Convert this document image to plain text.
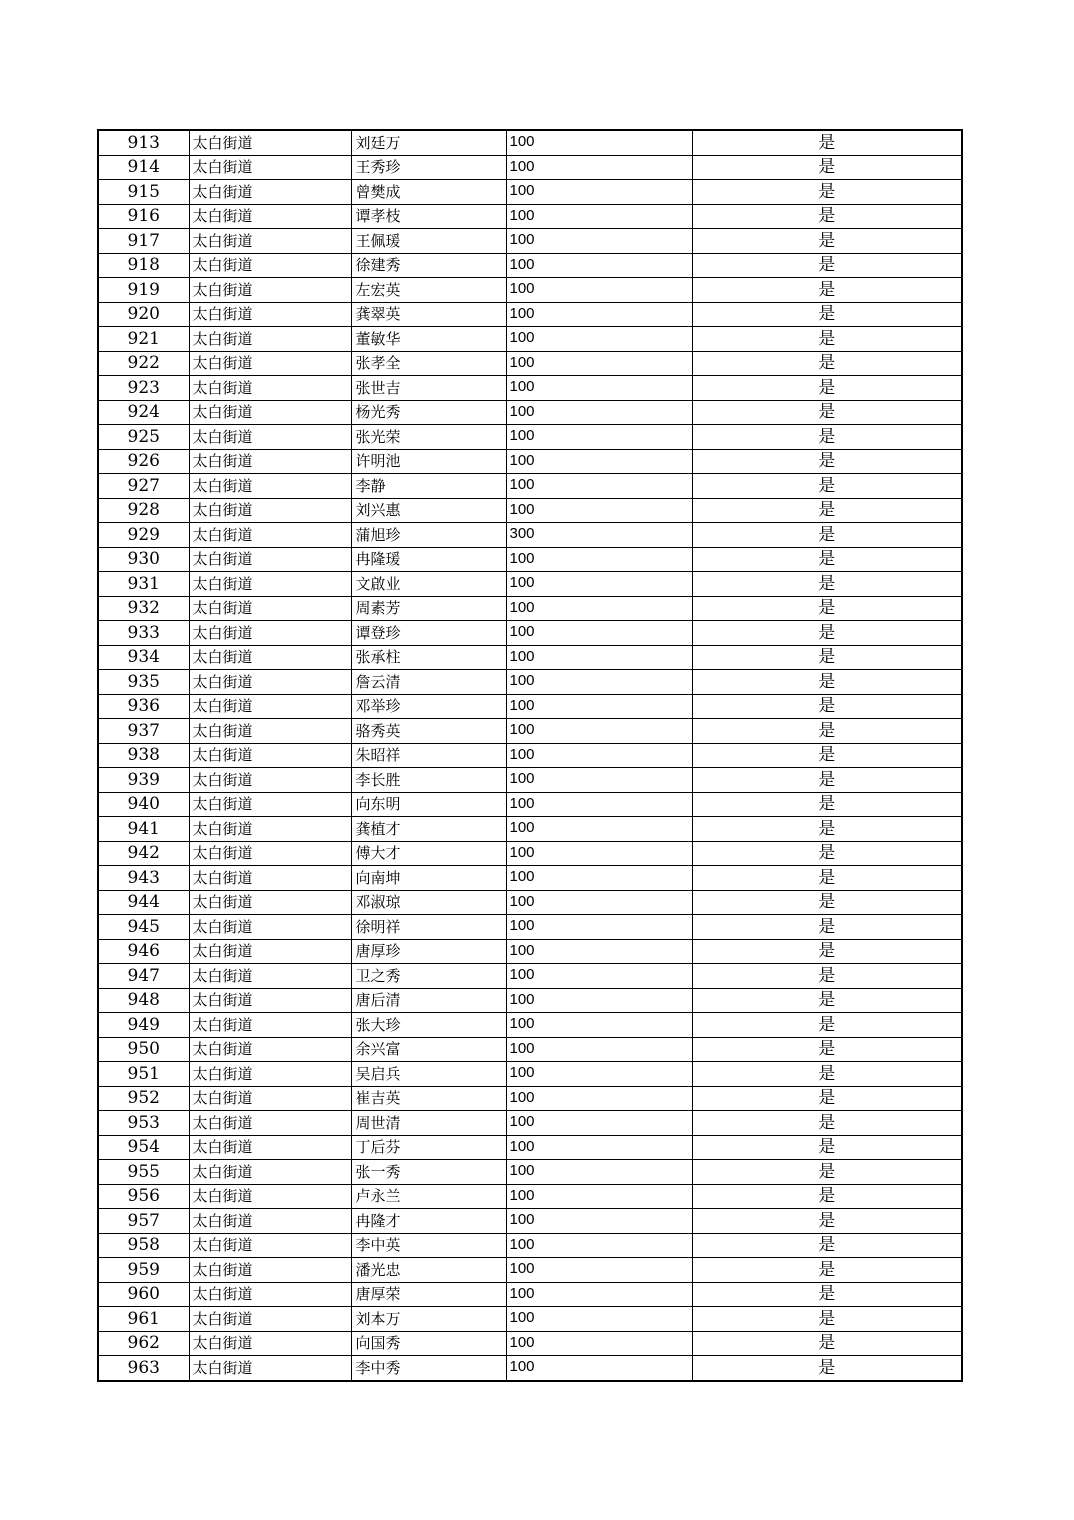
913	太白街道	刘廷万	100	是
914	太白街道	王秀珍	100	是
915	太白街道	曾樊成	100	是
916	太白街道	谭孝枝	100	是
917	太白街道	王佩瑗	100	是
918	太白街道	徐建秀	100	是
919	太白街道	左宏英	100	是
920	太白街道	龚翠英	100	是
921	太白街道	董敏华	100	是
922	太白街道	张孝全	100	是
923	太白街道	张世吉	100	是
924	太白街道	杨光秀	100	是
925	太白街道	张光荣	100	是
926	太白街道	许明池	100	是
927	太白街道	李静	100	是
928	太白街道	刘兴惠	100	是
929	太白街道	蒲旭珍	300	是
930	太白街道	冉隆瑗	100	是
931	太白街道	文啟业	100	是
932	太白街道	周素芳	100	是
933	太白街道	谭登珍	100	是
934	太白街道	张承柱	100	是
935	太白街道	詹云清	100	是
936	太白街道	邓举珍	100	是
937	太白街道	骆秀英	100	是
938	太白街道	朱昭祥	100	是
939	太白街道	李长胜	100	是
940	太白街道	向东明	100	是
941	太白街道	龚植才	100	是
942	太白街道	傅大才	100	是
943	太白街道	向南坤	100	是
944	太白街道	邓淑琼	100	是
945	太白街道	徐明祥	100	是
946	太白街道	唐厚珍	100	是
947	太白街道	卫之秀	100	是
948	太白街道	唐后清	100	是
949	太白街道	张大珍	100	是
950	太白街道	余兴富	100	是
951	太白街道	吴启兵	100	是
952	太白街道	崔吉英	100	是
953	太白街道	周世清	100	是
954	太白街道	丁后芬	100	是
955	太白街道	张一秀	100	是
956	太白街道	卢永兰	100	是
957	太白街道	冉隆才	100	是
958	太白街道	李中英	100	是
959	太白街道	潘光忠	100	是
960	太白街道	唐厚荣	100	是
961	太白街道	刘本万	100	是
962	太白街道	向国秀	100	是
963	太白街道	李中秀	100	是
